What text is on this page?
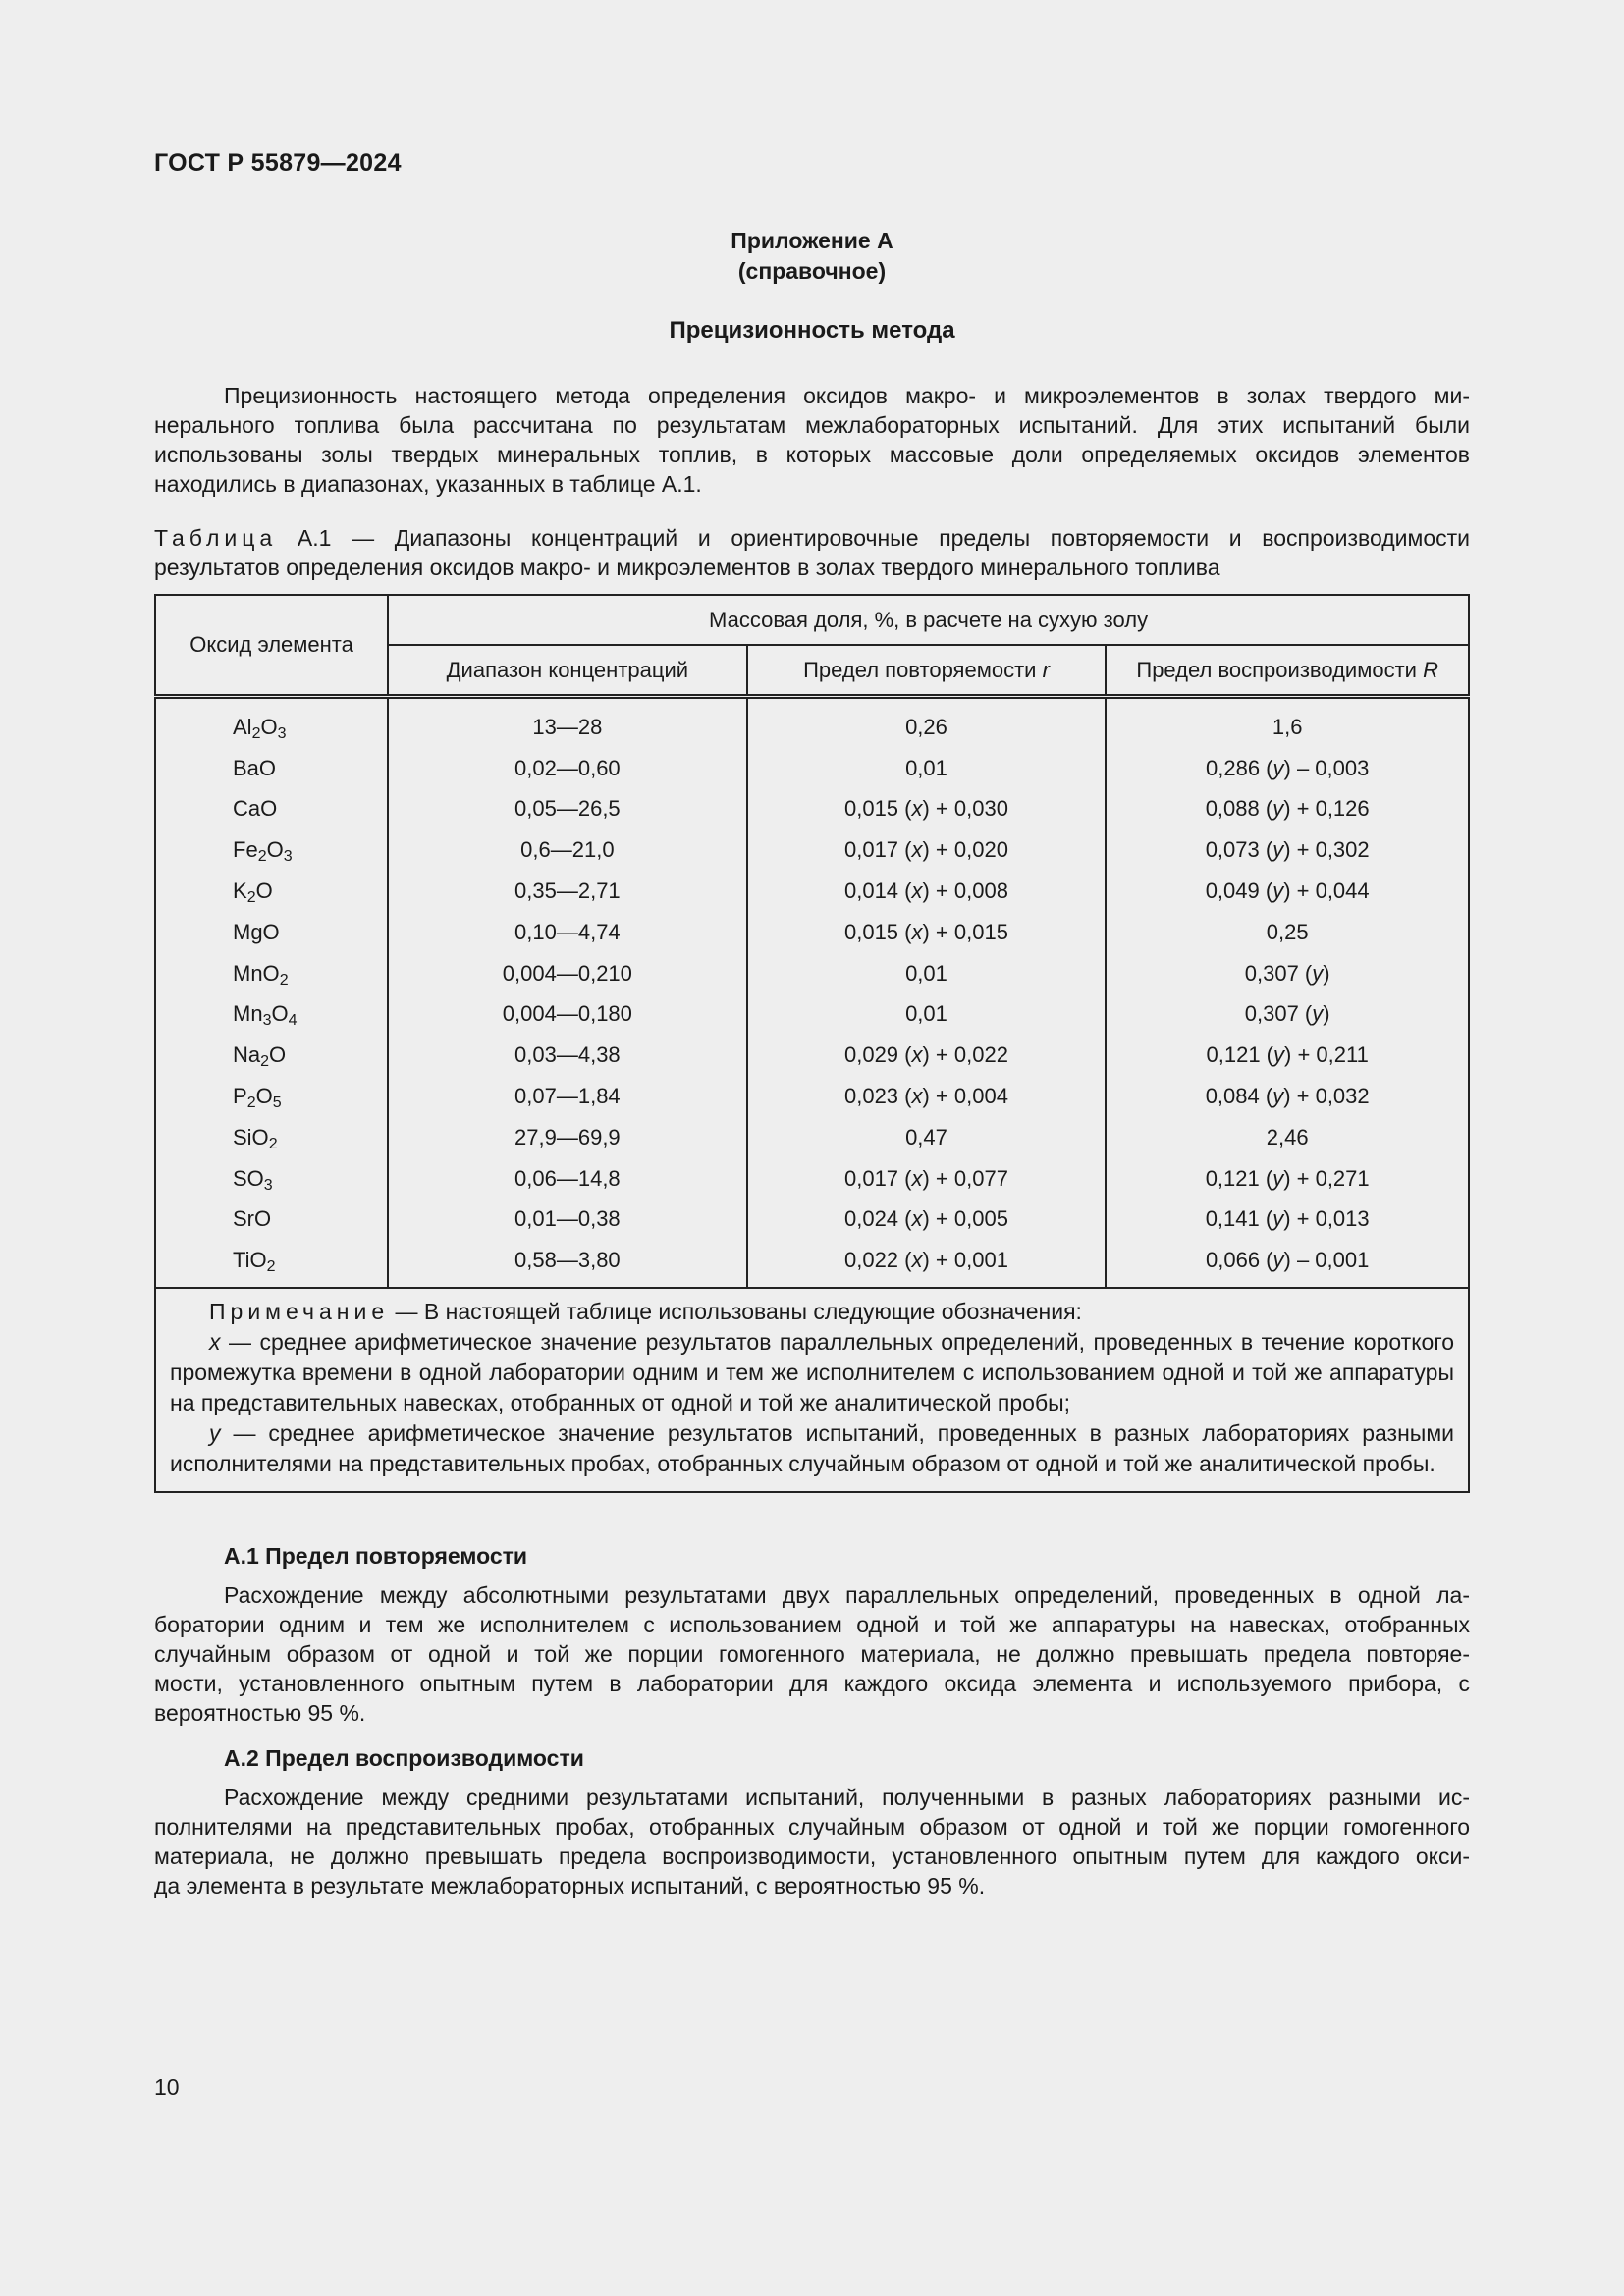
ГОСТ Р 55879—2024
Приложение А
(справочное)
Прецизионность метода
Прецизионность настоящего метода определения оксидов макро- и микроэлементов в золах твердого ми-
нерального топлива была рассчитана по результатам межлабораторных испытаний. Для этих испытаний были
использованы золы твердых минеральных топлив, в которых массовые доли определяемых оксидов элементов
находились в диапазонах, указанных в таблице А.1.
Таблица А.1 — Диапазоны концентраций и ориентировочные пределы повторяемости и воспроизводимости
результатов определения оксидов макро- и микроэлементов в золах твердого минерального топлива
Оксид элемента	Массовая доля, %, в расчете на сухую золу		
	Диапазон концентраций	Предел повторяемости r	Предел воспроизводимости R
$Al_2O_3$	13—28	0,26	1,6
BaO	0,02—0,60	0,01	0,286 (y) – 0,003
CaO	0,05—26,5	0,015 (x) + 0,030	0,088 (y) + 0,126
$Fe_2O_3$	0,6—21,0	0,017 (x) + 0,020	0,073 (y) + 0,302
$K_2O$	0,35—2,71	0,014 (x) + 0,008	0,049 (y) + 0,044
MgO	0,10—4,74	0,015 (x) + 0,015	0,25
MnO$_2$	0,004—0,210	0,01	0,307 (y)
$Mn_3O_4$	0,004—0,180	0,01	0,307 (y)
$Na_2O$	0,03—4,38	0,029 (x) + 0,022	0,121 (y) + 0,211
$P_2O_5$	0,07—1,84	0,023 (x) + 0,004	0,084 (y) + 0,032
SiO$_2$	27,9—69,9	0,47	2,46
$SO_3$	0,06—14,8	0,017 (x) + 0,077	0,121 (y) + 0,271
SrO	0,01—0,38	0,024 (x) + 0,005	0,141 (y) + 0,013
TiO$_2$	0,58—3,80	0,022 (x) + 0,001	0,066 (y) – 0,001

Примечание — В настоящей таблице использованы следующие обозначения:
x — среднее арифметическое значение результатов параллельных определений, проведенных в течение короткого промежутка времени в одной лаборатории одним и тем же исполнителем с использованием одной и той же аппаратуры на представительных навесках, отобранных от одной и той же аналитической пробы;
y — среднее арифметическое значение результатов испытаний, проведенных в разных лабораториях разными исполнителями на представительных пробах, отобранных случайным образом от одной и той же аналитической пробы.			
А.1 Предел повторяемости
Расхождение между абсолютными результатами двух параллельных определений, проведенных в одной ла-
боратории одним и тем же исполнителем с использованием одной и той же аппаратуры на навесках, отобранных
случайным образом от одной и той же порции гомогенного материала, не должно превышать предела повторяе-
мости, установленного опытным путем в лаборатории для каждого оксида элемента и используемого прибора, с
вероятностью 95 %.
А.2 Предел воспроизводимости
Расхождение между средними результатами испытаний, полученными в разных лабораториях разными ис-
полнителями на представительных пробах, отобранных случайным образом от одной и той же порции гомогенного
материала, не должно превышать предела воспроизводимости, установленного опытным путем для каждого окси-
да элемента в результате межлабораторных испытаний, с вероятностью 95 %.
10
